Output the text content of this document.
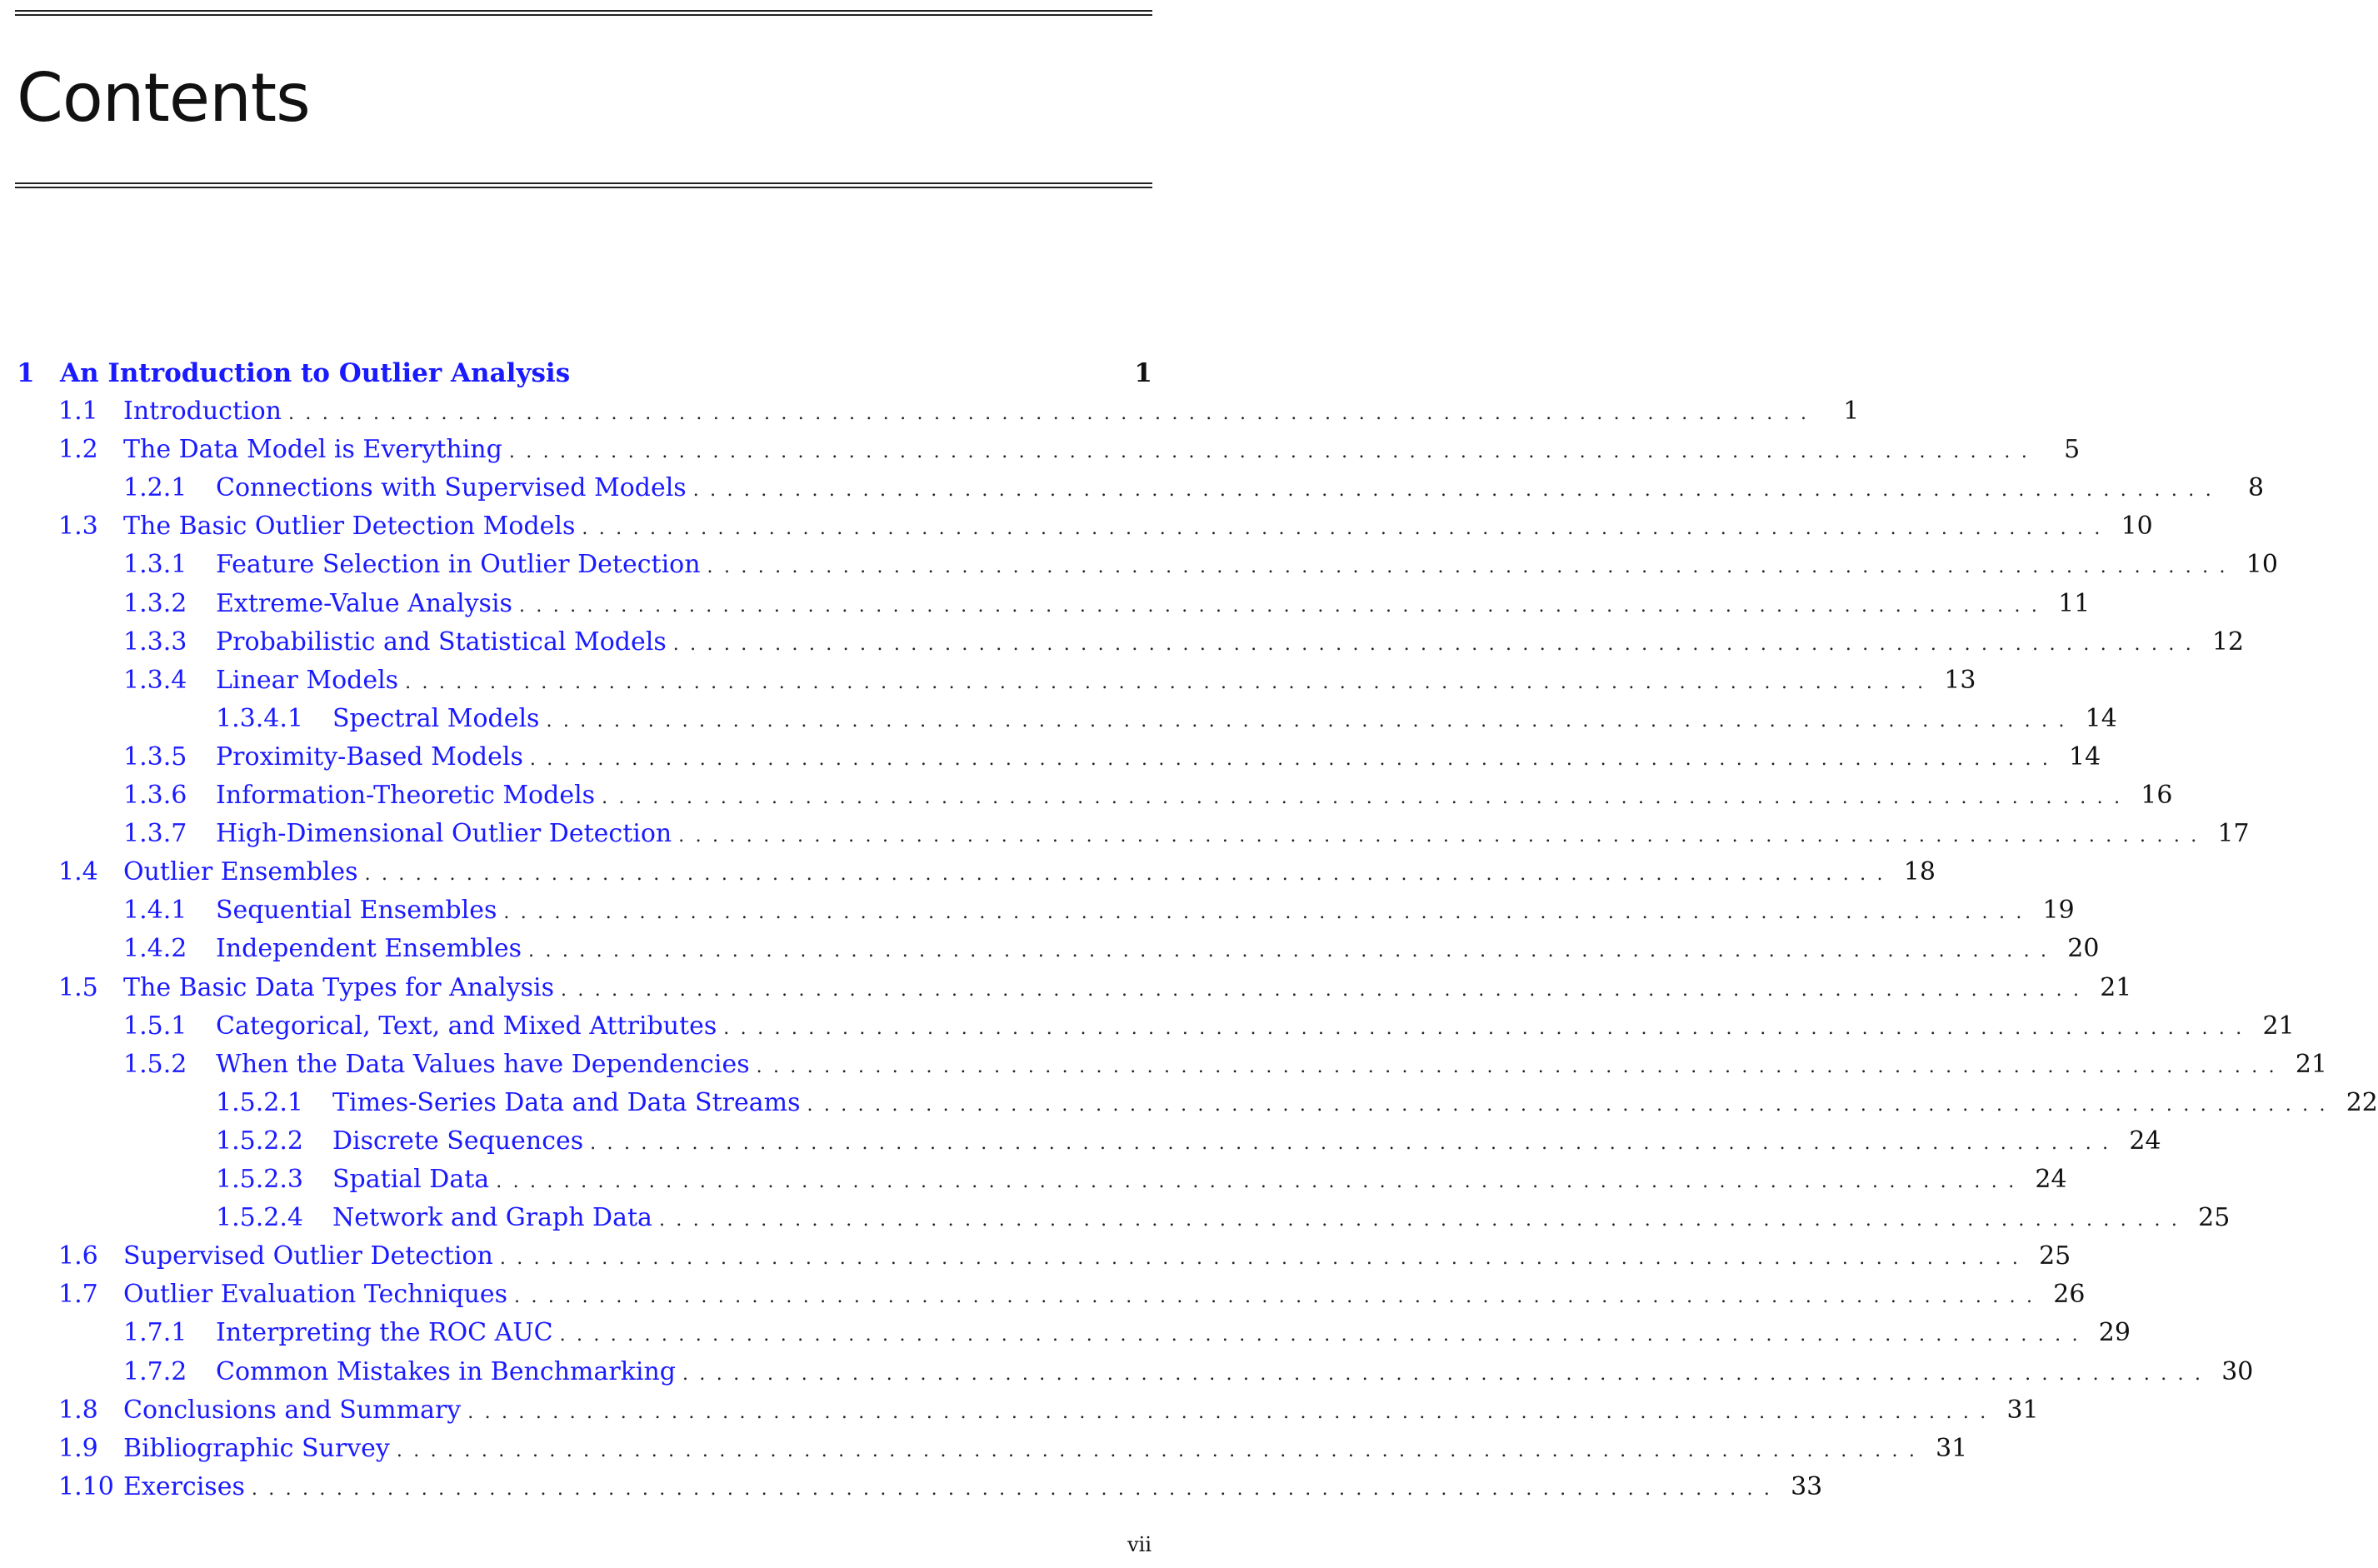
Contents
1 An Introduction to Outlier Analysis	1
1.1	Introduction ..........................................................................................	1
1.2	The Data Model is Everything ..........................................................................................	5
1.2.1	Connections with Supervised Models ..........................................................................................	8
1.3	The Basic Outlier Detection Models .......................................................................................... 10
1.3.1	Feature Selection in Outlier Detection .......................................................................................... 10
1.3.2	Extreme-Value Analysis .......................................................................................... 11
1.3.3	Probabilistic and Statistical Models .......................................................................................... 12
1.3.4	Linear Models .......................................................................................... 13
1.3.4.1	Spectral Models .......................................................................................... 14
1.3.5	Proximity-Based Models .......................................................................................... 14
1.3.6	Information-Theoretic Models .......................................................................................... 16
1.3.7	High-Dimensional Outlier Detection .......................................................................................... 17
1.4	Outlier Ensembles .......................................................................................... 18
1.4.1	Sequential Ensembles .......................................................................................... 19
1.4.2	Independent Ensembles .......................................................................................... 20
1.5	The Basic Data Types for Analysis .......................................................................................... 21
1.5.1	Categorical, Text, and Mixed Attributes .......................................................................................... 21
1.5.2	When the Data Values have Dependencies .......................................................................................... 21
1.5.2.1	Times-Series Data and Data Streams .......................................................................................... 22
1.5.2.2	Discrete Sequences .......................................................................................... 24
1.5.2.3	Spatial Data .......................................................................................... 24
1.5.2.4	Network and Graph Data .......................................................................................... 25
1.6	Supervised Outlier Detection .......................................................................................... 25
1.7	Outlier Evaluation Techniques .......................................................................................... 26
1.7.1	Interpreting the ROC AUC .......................................................................................... 29
1.7.2	Common Mistakes in Benchmarking .......................................................................................... 30
1.8	Conclusions and Summary .......................................................................................... 31
1.9	Bibliographic Survey .......................................................................................... 31
1.10 Exercises .......................................................................................... 33
vii
